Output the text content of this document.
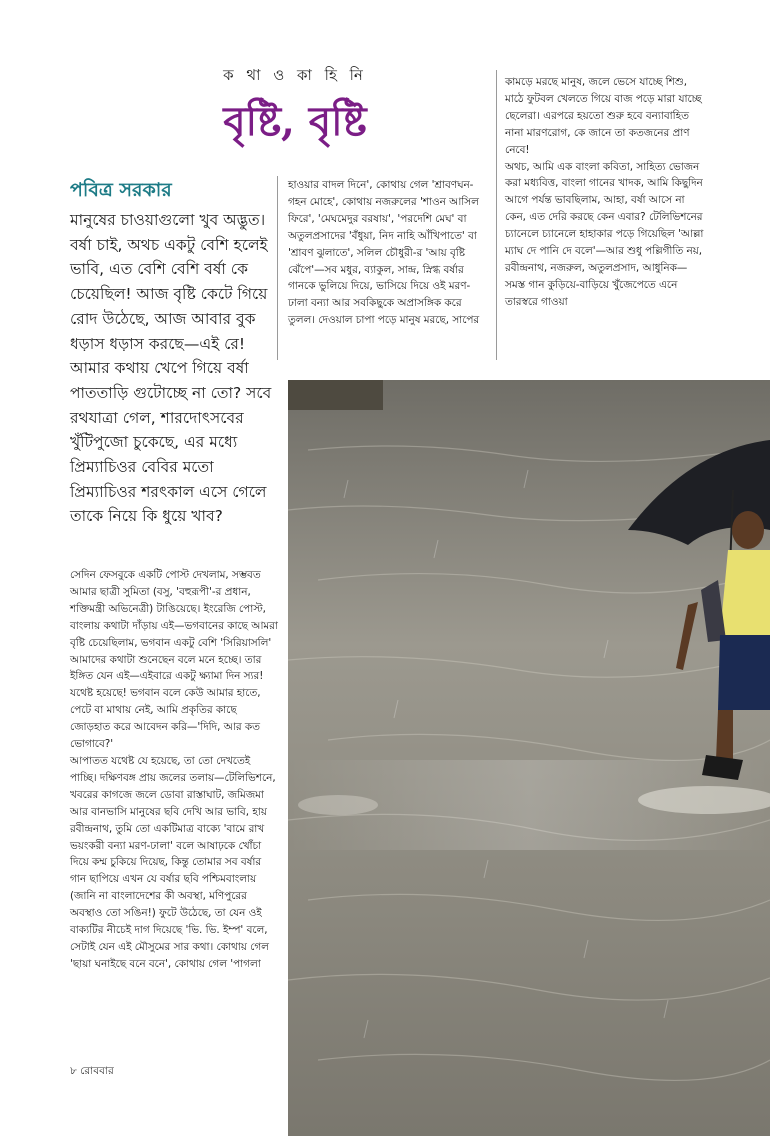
ক থা ও কা হি নি
বৃষ্টি, বৃষ্টি
পবিত্র সরকার
মানুষের চাওয়াগুলো খুব অদ্ভুত। বর্ষা চাই, অথচ একটু বেশি হলেই ভাবি, এত বেশি বেশি বর্ষা কে চেয়েছিল! আজ বৃষ্টি কেটে গিয়ে রোদ উঠেছে, আজ আবার বুক ধড়াস ধড়াস করছে—এই রে! আমার কথায় খেপে গিয়ে বর্ষা পাততাড়ি গুটোচ্ছে না তো? সবে রথযাত্রা গেল, শারদোৎসবের খুঁটিপুজো চুকেছে, এর মধ্যে প্রিম্যাচিওর বেবির মতো প্রিম্যাচিওর শরৎকাল এসে গেলে তাকে নিয়ে কি ধুয়ে খাব?
সেদিন ফেসবুকে একটি পোস্ট দেখলাম, সম্ভবত আমার ছাত্রী সুমিতা (বসু, 'বহুরূপী'-র প্রধান, শক্তিমন্ত্রী অভিনেত্রী) টাঙিয়েছে। ইংরেজি পোস্ট, বাংলায় কথাটা দাঁড়ায় এই—ভগবানের কাছে আমরা বৃষ্টি চেয়েছিলাম, ভগবান একটু বেশি 'সিরিয়াসলি' আমাদের কথাটা শুনেছেন বলে মনে হচ্ছে। তার ইঙ্গিত যেন এই—এইবারে একটু ক্ষ্যামা দিন স্যর! যথেষ্ট হয়েছে! ভগবান বলে কেউ আমার হাতে, পেটে বা মাথায় নেই, আমি প্রকৃতির কাছে জোড়হাত করে আবেদন করি—'দিদি, আর কত ভোগাবে?'
আপাতত যথেষ্ট যে হয়েছে, তা তো দেখতেই পাচ্ছি। দক্ষিণবঙ্গ প্রায় জলের তলায়—টেলিভিশনে, খবরের কাগজে জলে ডোবা রাস্তাঘাট, জমিজমা আর বানভাসি মানুষের ছবি দেখি আর ভাবি, হায় রবীন্দ্রনাথ, তুমি তো একটিমাত্র বাক্যে 'বামে রাখ ভয়ংকরী বন্যা মরণ-ঢালা' বলে আষাঢ়কে খোঁচা দিয়ে কম্ম চুকিয়ে দিয়েছ, কিন্তু তোমার সব বর্ষার গান ছাপিয়ে এখন যে বর্ষার ছবি পশ্চিমবাংলায় (জানি না বাংলাদেশের কী অবস্থা, মণিপুরের অবস্থাও তো সঙিন!) ফুটে উঠেছে, তা যেন ওই বাক্যটির নীচেই দাগ দিয়েছে 'ভি. ভি. ইম্প' বলে, সেটাই যেন এই মৌসুমের সার কথা। কোথায় গেল 'ছায়া ঘনাইছে বনে বনে', কোথায় গেল 'পাগলা
হাওয়ার বাদল দিনে', কোথায় গেল 'শ্রাবণঘন-গহন মোহে', কোথায় নজরুলের 'শাওন আসিল ফিরে', 'মেঘমেদুর বরষায়', 'পরদেশি মেঘ' বা অতুলপ্রসাদের 'বঁধুয়া, নিদ নাহি আঁখিপাতে' বা 'শ্রাবণ ঝুলাতে', সলিল চৌধুরী-র 'আয় বৃষ্টি ঝেঁপে'—সব মধুর, ব্যাকুল, সান্দ্র, স্নিগ্ধ বর্ষার গানকে ভুলিয়ে দিয়ে, ভাসিয়ে দিয়ে ওই মরণ-ঢালা বন্যা আর সবকিছুকে অপ্রাসঙ্গিক করে তুলল। দেওয়াল চাপা পড়ে মানুষ মরছে, সাপের
কামড়ে মরছে মানুষ, জলে ভেসে যাচ্ছে শিশু, মাঠে ফুটবল খেলতে গিয়ে বাজ পড়ে মারা যাচ্ছে ছেলেরা। এরপরে হয়তো শুরু হবে বন্যাবাহিত নানা মারণরোগ, কে জানে তা কতজনের প্রাণ নেবে!
অথচ, আমি এক বাংলা কবিতা, সাহিত্য ভোজন করা মধ্যবিত্ত, বাংলা গানের খাদক, আমি কিছুদিন আগে পর্যন্ত ভাবছিলাম, আহা, বর্ষা আসে না কেন, এত দেরি করছে কেন এবার? টেলিভিশনের চ্যানেলে চ্যানেলে হাহাকার পড়ে গিয়েছিল 'আল্লা ম্যাঘ দে পানি দে বলে'—আর শুধু পল্লিগীতি নয়, রবীন্দ্রনাথ, নজরুল, অতুলপ্রসাদ, আধুনিক—সমস্ত গান কুড়িয়ে-বাড়িয়ে খুঁজেপেতে এনে তারস্বরে গাওয়া
৮ রোববার
